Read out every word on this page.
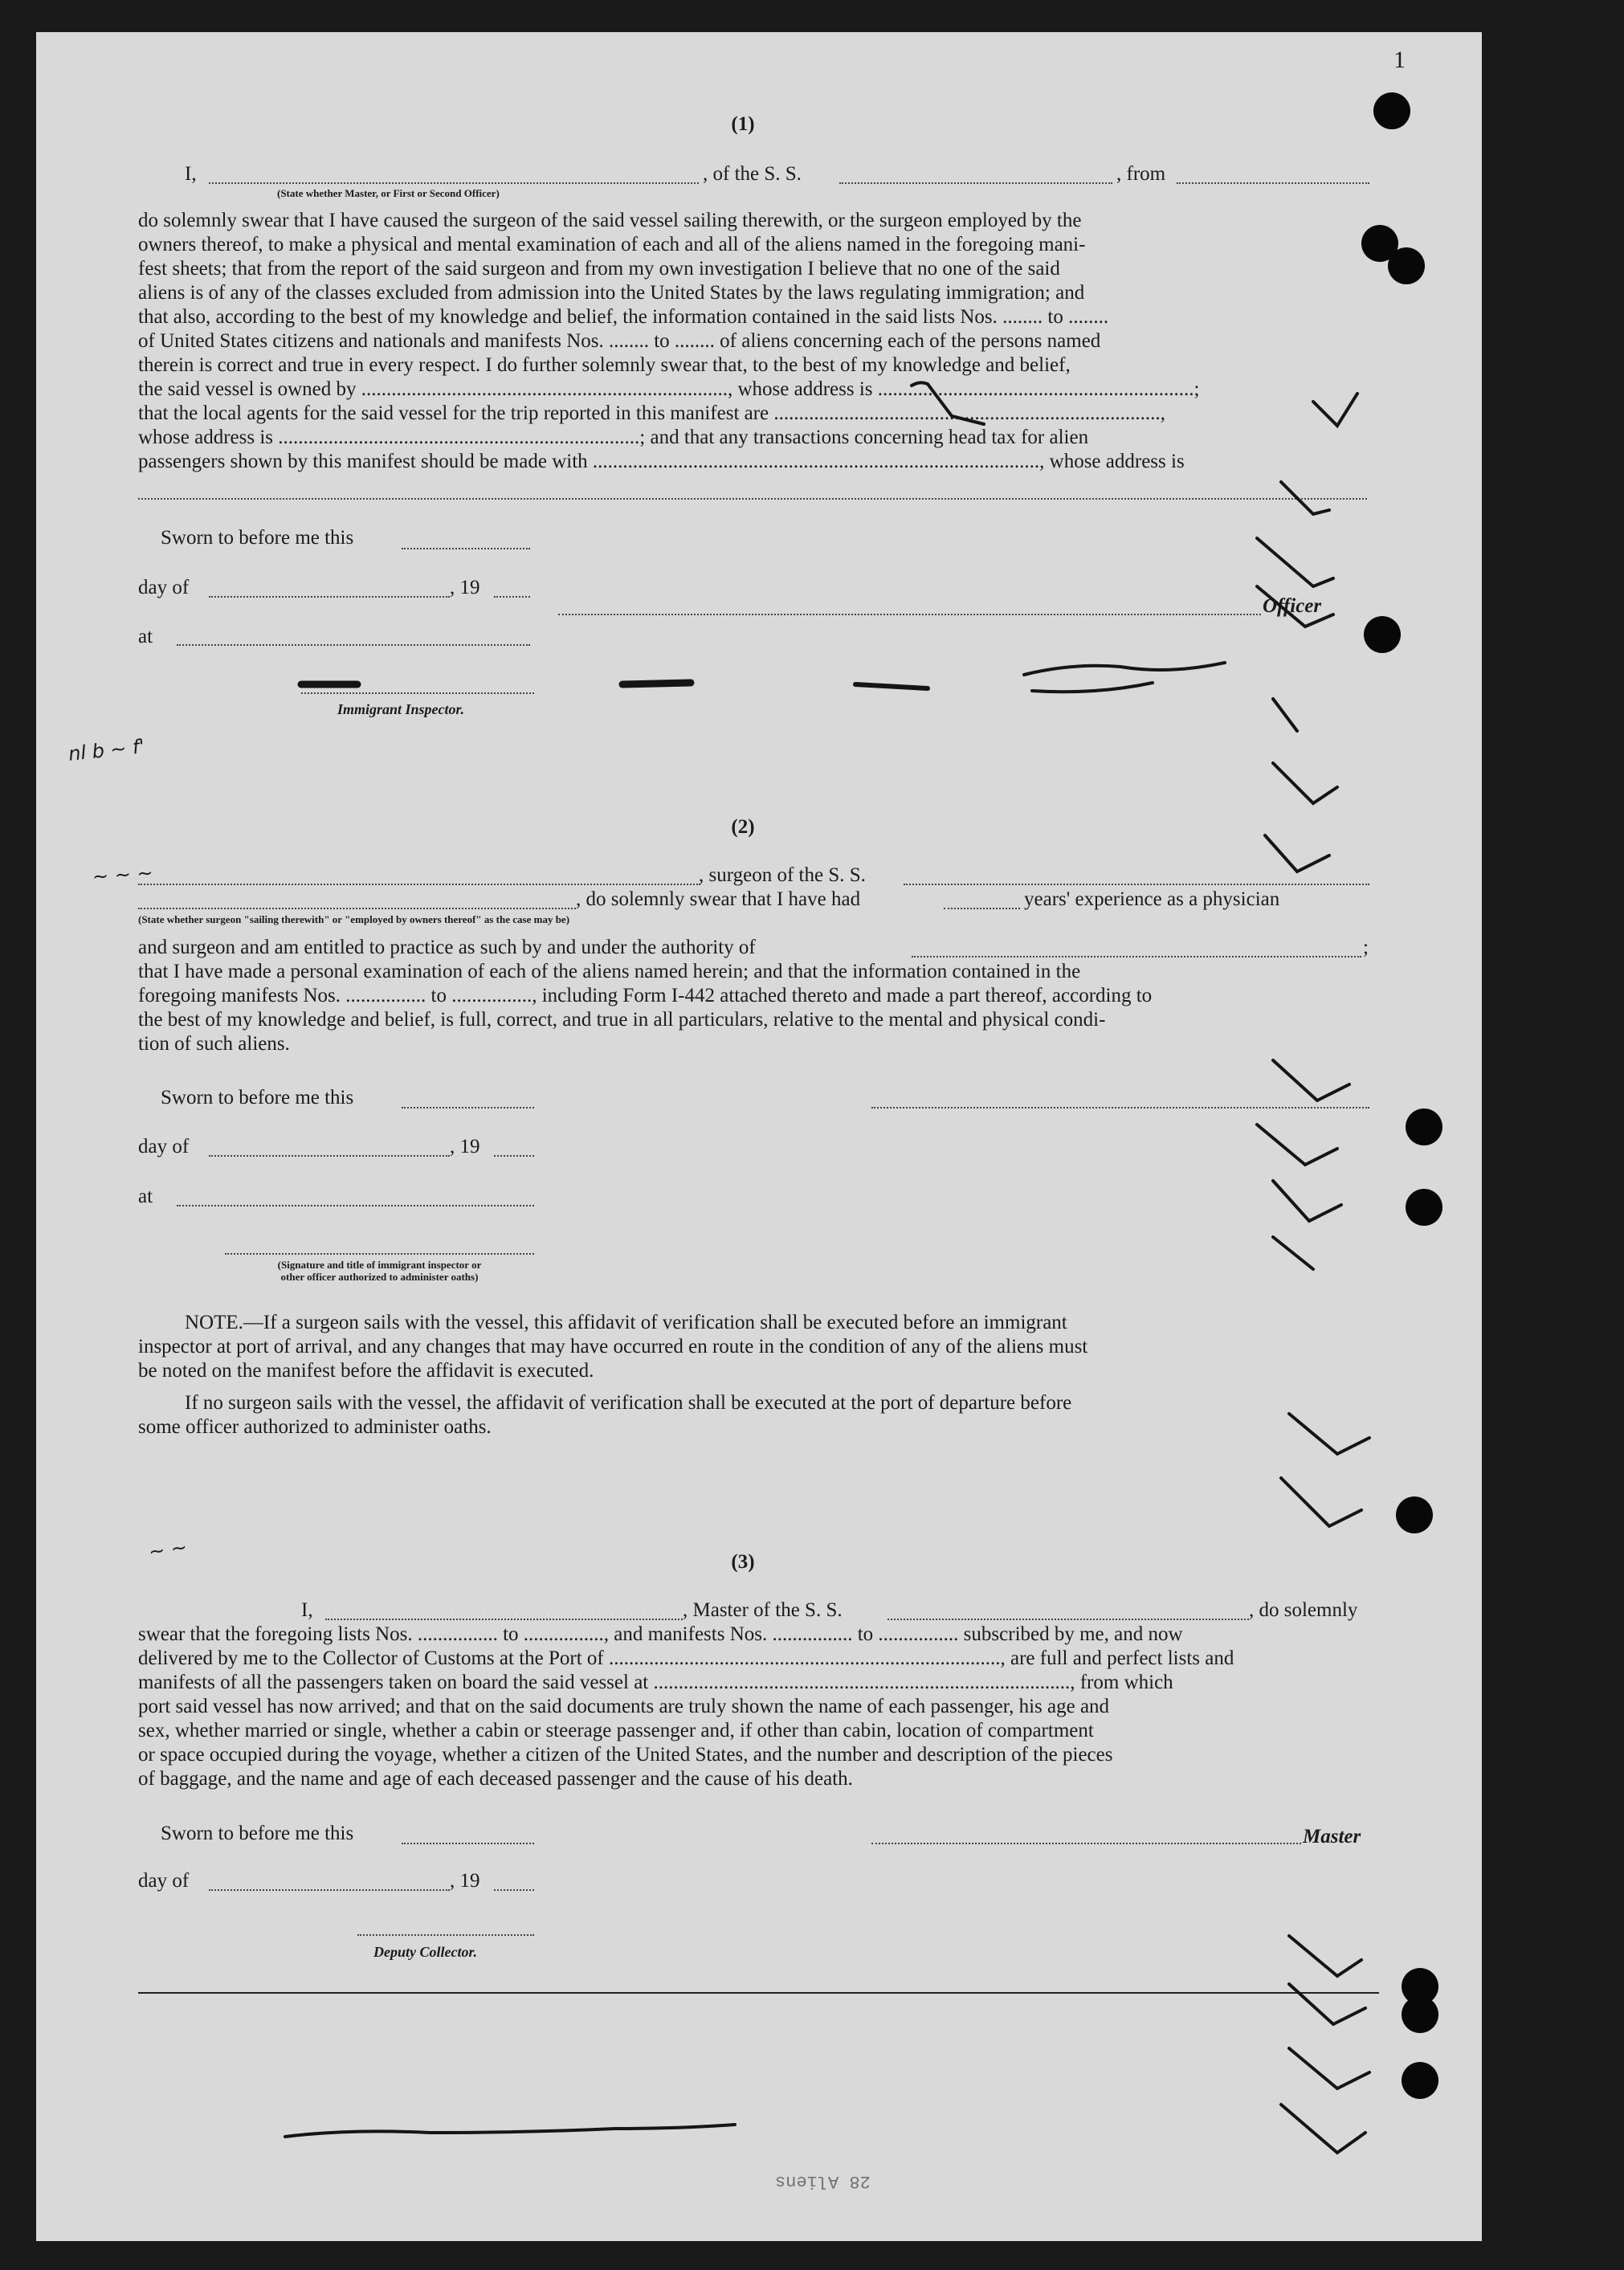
1
(1)
I,
(State whether Master, or First or Second Officer)
, of the S. S.	, from
do solemnly swear that I have caused the surgeon of the said vessel sailing therewith, or the surgeon employed by the
owners thereof, to make a physical and mental examination of each and all of the aliens named in the foregoing mani-
fest sheets; that from the report of the said surgeon and from my own investigation I believe that no one of the said
aliens is of any of the classes excluded from admission into the United States by the laws regulating immigration; and
that also, according to the best of my knowledge and belief, the information contained in the said lists Nos. ........ to ........
of United States citizens and nationals and manifests Nos. ........ to ........ of aliens concerning each of the persons named
therein is correct and true in every respect. I do further solemnly swear that, to the best of my knowledge and belief,
the said vessel is owned by ........................................................................., whose address is ...............................................................;
that the local agents for the said vessel for the trip reported in this manifest are .............................................................................,
whose address is ........................................................................; and that any transactions concerning head tax for alien
passengers shown by this manifest should be made with ........................................................................................., whose address is
Sworn to before me this
day of	, 19
Officer
at
Immigrant Inspector.
(2)
, surgeon of the S. S.
, do solemnly swear that I have had	years' experience as a physician
(State whether surgeon "sailing therewith" or "employed by owners thereof" as the case may be)
and surgeon and am entitled to practice as such by and under the authority of	;
that I have made a personal examination of each of the aliens named herein; and that the information contained in the
foregoing manifests Nos. ................ to ................, including Form I-442 attached thereto and made a part thereof, according to
the best of my knowledge and belief, is full, correct, and true in all particulars, relative to the mental and physical condi-
tion of such aliens.
Sworn to before me this
day of	, 19
at
(Signature and title of immigrant inspector or
other officer authorized to administer oaths)
NOTE.—If a surgeon sails with the vessel, this affidavit of verification shall be executed before an immigrant
inspector at port of arrival, and any changes that may have occurred en route in the condition of any of the aliens must
be noted on the manifest before the affidavit is executed.
If no surgeon sails with the vessel, the affidavit of verification shall be executed at the port of departure before
some officer authorized to administer oaths.
(3)
I,	, Master of the S. S.	, do solemnly
swear that the foregoing lists Nos. ................ to ................, and manifests Nos. ................ to ................ subscribed by me, and now
delivered by me to the Collector of Customs at the Port of .............................................................................., are full and perfect lists and
manifests of all the passengers taken on board the said vessel at ..................................................................................., from which
port said vessel has now arrived; and that on the said documents are truly shown the name of each passenger, his age and
sex, whether married or single, whether a cabin or steerage passenger and, if other than cabin, location of compartment
or space occupied during the voyage, whether a citizen of the United States, and the number and description of the pieces
of baggage, and the name and age of each deceased passenger and the cause of his death.
Sworn to before me this	Master
day of	, 19
Deputy Collector.
28 Aliens
nl b ~ f'
~ ~ ~
~ ~
